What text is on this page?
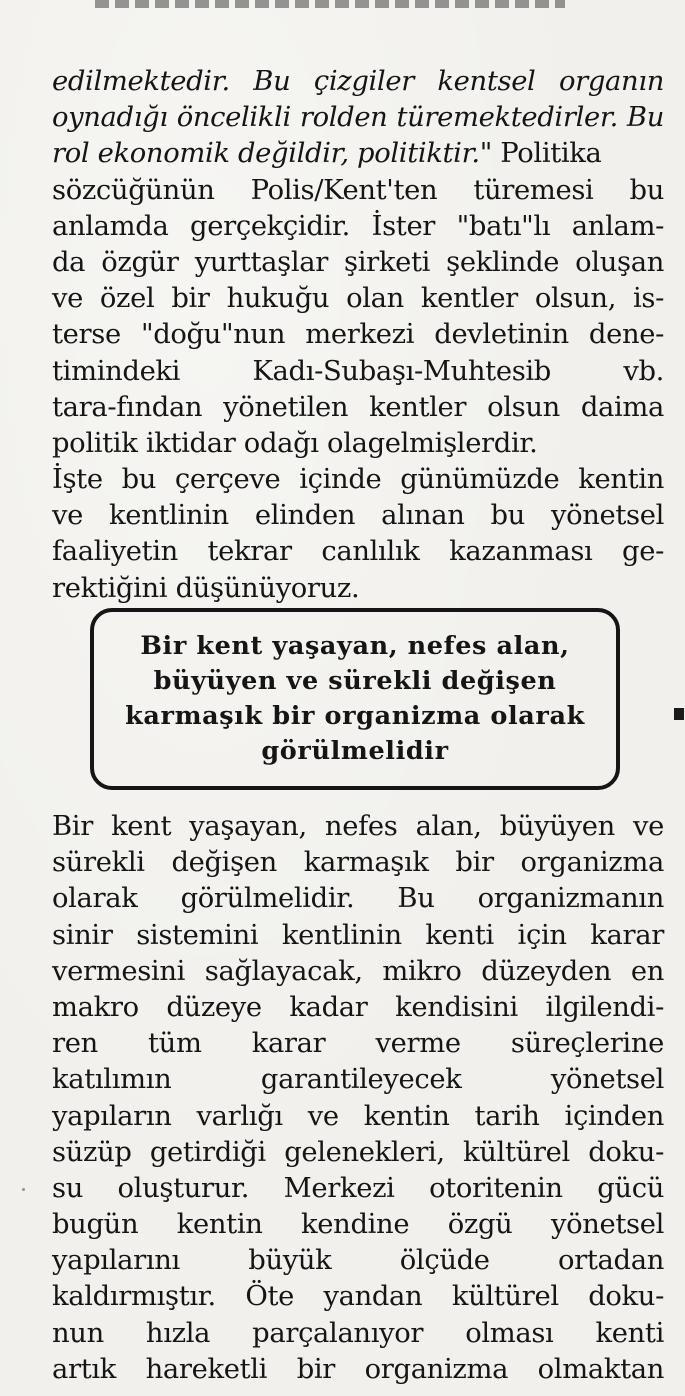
edilmektedir. Bu çizgiler kentsel organın
oynadığı öncelikli rolden türemektedirler. Bu
rol ekonomik değildir, politiktir." Politika
sözcüğünün Polis/Kent'ten türemesi bu
anlamda gerçekçidir. İster "batı"lı anlam-
da özgür yurttaşlar şirketi şeklinde oluşan
ve özel bir hukuğu olan kentler olsun, is-
terse "doğu"nun merkezi devletinin dene-
timindeki Kadı-Subaşı-Muhtesib vb.
tara-fından yönetilen kentler olsun daima
politik iktidar odağı olagelmişlerdir.
İşte bu çerçeve içinde günümüzde kentin
ve kentlinin elinden alınan bu yönetsel
faaliyetin tekrar canlılık kazanması ge-
rektiğini düşünüyoruz.
Bir kent yaşayan, nefes alan,
büyüyen ve sürekli değişen
karmaşık bir organizma olarak
görülmelidir
Bir kent yaşayan, nefes alan, büyüyen ve
sürekli değişen karmaşık bir organizma
olarak görülmelidir. Bu organizmanın
sinir sistemini kentlinin kenti için karar
vermesini sağlayacak, mikro düzeyden en
makro düzeye kadar kendisini ilgilendi-
ren tüm karar verme süreçlerine
katılımın garantileyecek yönetsel
yapıların varlığı ve kentin tarih içinden
süzüp getirdiği gelenekleri, kültürel doku-
su oluşturur. Merkezi otoritenin gücü
bugün kentin kendine özgü yönetsel
yapılarını büyük ölçüde ortadan
kaldırmıştır. Öte yandan kültürel doku-
nun hızla parçalanıyor olması kenti
artık hareketli bir organizma olmaktan
